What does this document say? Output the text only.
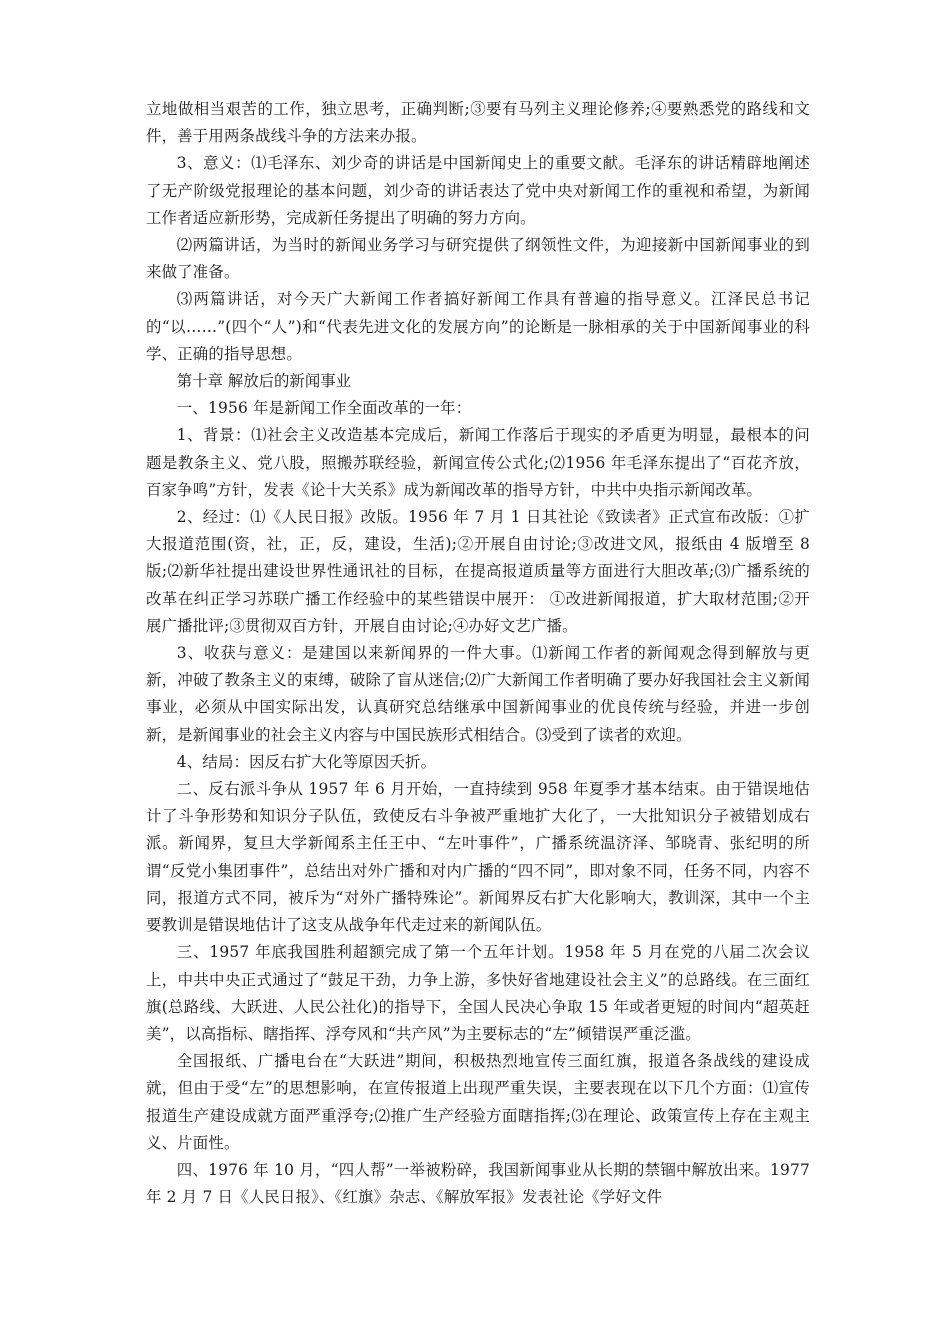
立地做相当艰苦的工作，独立思考，正确判断;③要有马列主义理论修养;④要熟悉党的路线和文件，善于用两条战线斗争的方法来办报。

3、意义：⑴毛泽东、刘少奇的讲话是中国新闻史上的重要文献。毛泽东的讲话精辟地阐述了无产阶级党报理论的基本问题，刘少奇的讲话表达了党中央对新闻工作的重视和希望，为新闻工作者适应新形势，完成新任务提出了明确的努力方向。

⑵两篇讲话，为当时的新闻业务学习与研究提供了纲领性文件，为迎接新中国新闻事业的到来做了准备。

⑶两篇讲话，对今天广大新闻工作者搞好新闻工作具有普遍的指导意义。江泽民总书记的“以……”(四个“人”)和“代表先进文化的发展方向”的论断是一脉相承的关于中国新闻事业的科学、正确的指导思想。

第十章 解放后的新闻事业

一、1956 年是新闻工作全面改革的一年：

1、背景：⑴社会主义改造基本完成后，新闻工作落后于现实的矛盾更为明显，最根本的问题是教条主义、党八股，照搬苏联经验，新闻宣传公式化;⑵1956 年毛泽东提出了“百花齐放，百家争鸣”方针，发表《论十大关系》成为新闻改革的指导方针，中共中央指示新闻改革。

2、经过：⑴《人民日报》改版。1956 年 7 月 1 日其社论《致读者》正式宣布改版：①扩大报道范围(资，社，正，反，建设，生活);②开展自由讨论;③改进文风，报纸由 4 版增至 8 版;⑵新华社提出建设世界性通讯社的目标，在提高报道质量等方面进行大胆改革;⑶广播系统的改革在纠正学习苏联广播工作经验中的某些错误中展开： ①改进新闻报道，扩大取材范围;②开展广播批评;③贯彻双百方针，开展自由讨论;④办好文艺广播。

3、收获与意义：是建国以来新闻界的一件大事。⑴新闻工作者的新闻观念得到解放与更新，冲破了教条主义的束缚，破除了盲从迷信;⑵广大新闻工作者明确了要办好我国社会主义新闻事业，必须从中国实际出发，认真研究总结继承中国新闻事业的优良传统与经验，并进一步创新，是新闻事业的社会主义内容与中国民族形式相结合。⑶受到了读者的欢迎。

4、结局：因反右扩大化等原因夭折。

二、反右派斗争从 1957 年 6 月开始，一直持续到 958 年夏季才基本结束。由于错误地估计了斗争形势和知识分子队伍，致使反右斗争被严重地扩大化了，一大批知识分子被错划成右派。新闻界，复旦大学新闻系主任王中、“左叶事件”，广播系统温济泽、邹晓青、张纪明的所谓“反党小集团事件”，总结出对外广播和对内广播的“四不同”，即对象不同，任务不同，内容不同，报道方式不同，被斥为“对外广播特殊论”。新闻界反右扩大化影响大，教训深，其中一个主要教训是错误地估计了这支从战争年代走过来的新闻队伍。

三、1957 年底我国胜利超额完成了第一个五年计划。1958 年 5 月在党的八届二次会议上，中共中央正式通过了“鼓足干劲，力争上游，多快好省地建设社会主义”的总路线。在三面红旗(总路线、大跃进、人民公社化)的指导下，全国人民决心争取 15 年或者更短的时间内“超英赶美”，以高指标、瞎指挥、浮夸风和“共产风”为主要标志的“左”倾错误严重泛滥。

全国报纸、广播电台在“大跃进”期间，积极热烈地宣传三面红旗，报道各条战线的建设成就，但由于受“左”的思想影响，在宣传报道上出现严重失误，主要表现在以下几个方面：⑴宣传报道生产建设成就方面严重浮夸;⑵推广生产经验方面瞎指挥;⑶在理论、政策宣传上存在主观主义、片面性。

四、1976 年 10 月，“四人帮”一举被粉碎，我国新闻事业从长期的禁锢中解放出来。1977 年 2 月 7 日《人民日报》、《红旗》杂志、《解放军报》发表社论《学好文件
